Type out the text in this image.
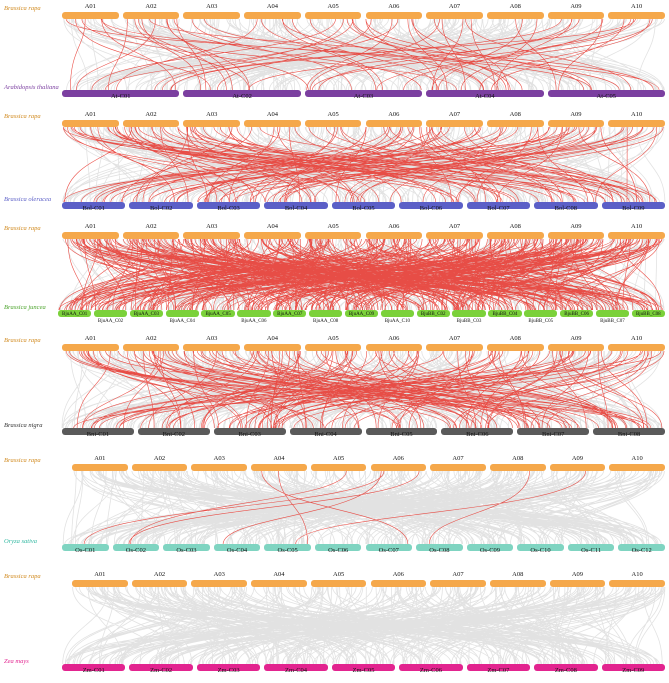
Brassica rapa
Arabidopsis thaliana
A01	A02	A03	A04	A05	A06	A07	A08	A09	A10
At-C01	At-C02	At-C03	At-C04	At-C05
Brassica rapa
Brassica oleracea
A01	A02	A03	A04	A05	A06	A07	A08	A09	A10
Bol-C01	Bol-C02	Bol-C03	Bol-C04	Bol-C05	Bol-C06	Bol-C07	Bol-C08	Bol-C09
Brassica rapa
Brassica juncea
A01	A02	A03	A04	A05	A06	A07	A08	A09	A10
BjuAA_C01
BjuAA_C02
BjuAA_C03
BjuAA_C04
BjuAA_C05
BjuAA_C06
BjuAA_C07
BjuAA_C08
BjuAA_C09
BjuAA_C10
BjuBB_C02
BjuBB_C03
BjuBB_C04
BjuBB_C05
BjuBB_C06
BjuBB_C07
BjuBB_C08
Brassica rapa
Brassica nigra
A01	A02	A03	A04	A05	A06	A07	A08	A09	A10
Bni-C01	Bni-C02	Bni-C03	Bni-C04	Bni-C05	Bni-C06	Bni-C07	Bni-C08
Brassica rapa
Oryza sativa
A01	A02	A03	A04	A05	A06	A07	A08	A09	A10
Os-C01	Os-C02	Os-C03	Os-C04	Os-C05	Os-C06	Os-C07	Os-C08	Os-C09	Os-C10	Os-C11	Os-C12
Brassica rapa
Zea mays
A01	A02	A03	A04	A05	A06	A07	A08	A09	A10
Zm-C01	Zm-C02	Zm-C03	Zm-C04	Zm-C05	Zm-C06	Zm-C07	Zm-C08	Zm-C09
